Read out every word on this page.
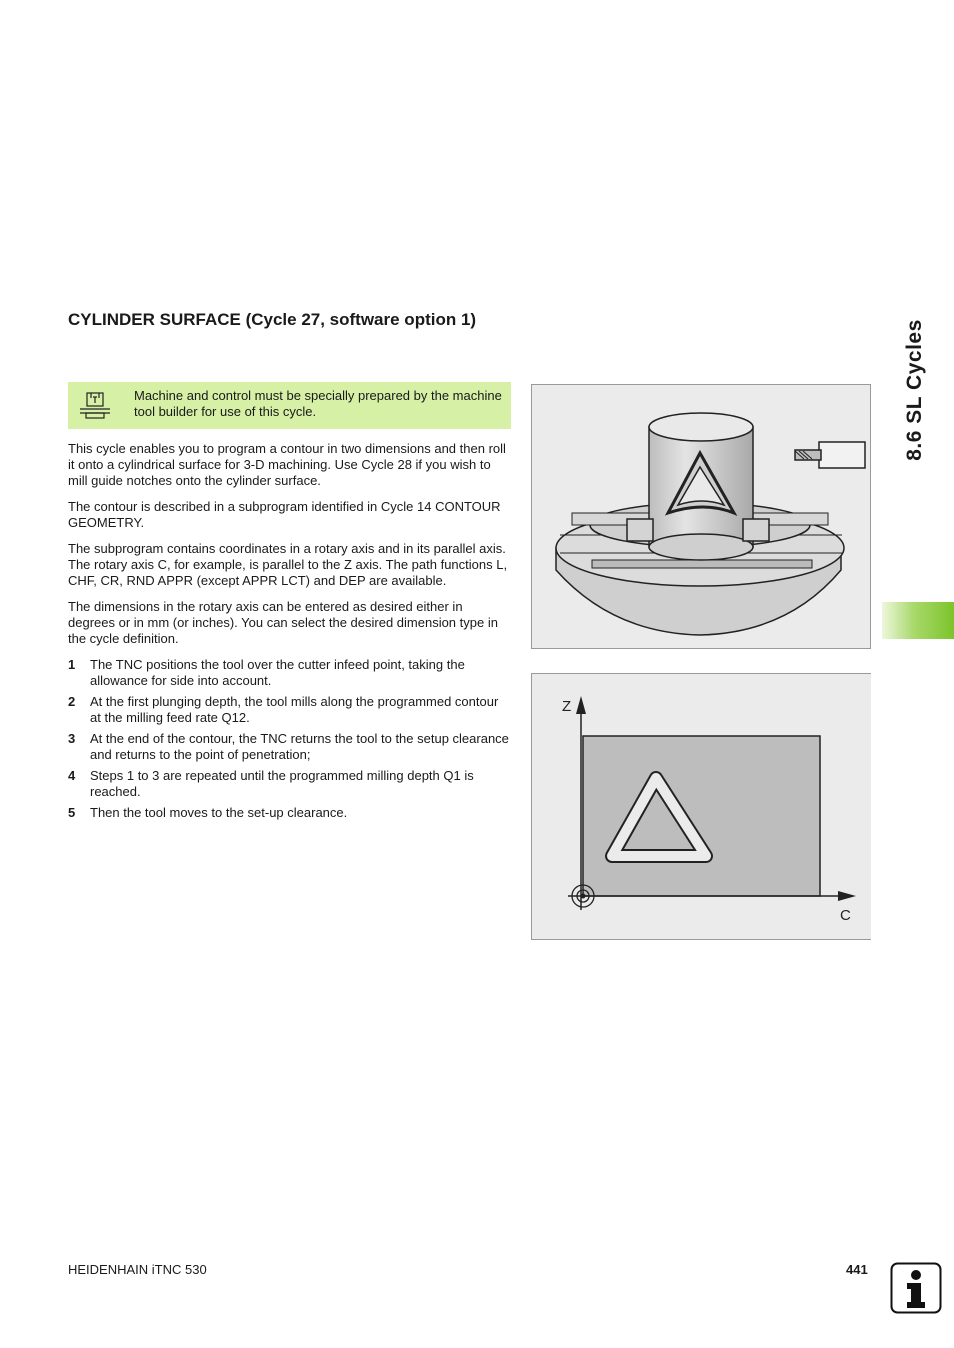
CYLINDER SURFACE (Cycle 27, software option 1)
Machine and control must be specially prepared by the machine tool builder for use of this cycle.

This cycle enables you to program a contour in two dimensions and then roll it onto a cylindrical surface for 3-D machining. Use Cycle 28 if you wish to mill guide notches onto the cylinder surface.

The contour is described in a subprogram identified in Cycle 14 CONTOUR GEOMETRY.

The subprogram contains coordinates in a rotary axis and in its parallel axis. The rotary axis C, for example, is parallel to the Z axis. The path functions L, CHF, CR, RND APPR (except APPR LCT) and DEP are available.

The dimensions in the rotary axis can be entered as desired either in degrees or in mm (or inches). You can select the desired dimension type in the cycle definition.

1 The TNC positions the tool over the cutter infeed point, taking the allowance for side into account.
2 At the first plunging depth, the tool mills along the programmed contour at the milling feed rate Q12.
3 At the end of the contour, the TNC returns the tool to the setup clearance and returns to the point of penetration;
4 Steps 1 to 3 are repeated until the programmed milling depth Q1 is reached.
5 Then the tool moves to the set-up clearance.
Z
C
8.6 SL Cycles
HEIDENHAIN iTNC 530	441
